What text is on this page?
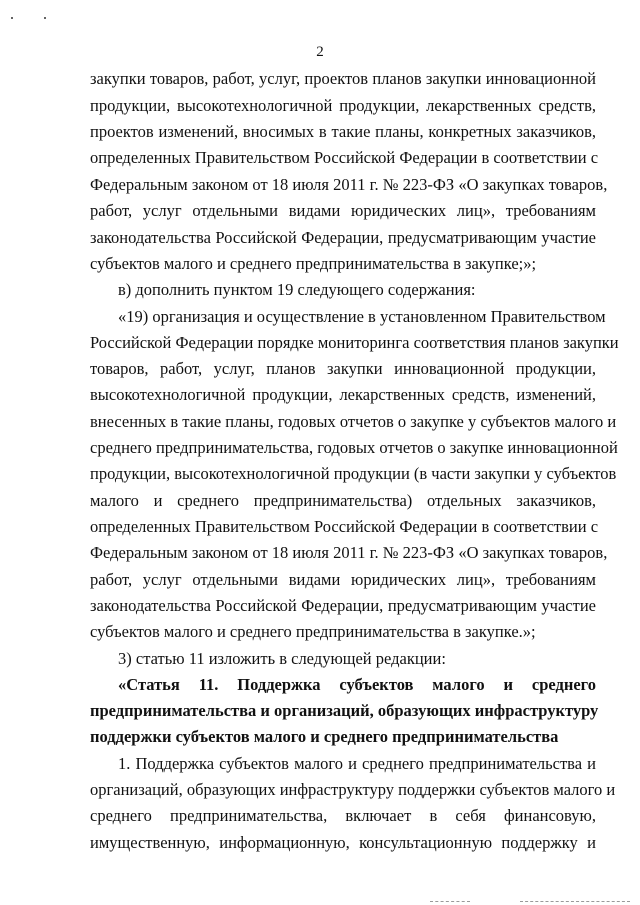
2
закупки товаров, работ, услуг, проектов планов закупки инновационной
продукции, высокотехнологичной продукции, лекарственных средств,
проектов изменений, вносимых в такие планы, конкретных заказчиков,
определенных Правительством Российской Федерации в соответствии с
Федеральным законом от 18 июля 2011 г. № 223-ФЗ «О закупках товаров,
работ, услуг отдельными видами юридических лиц», требованиям
законодательства Российской Федерации, предусматривающим участие
субъектов малого и среднего предпринимательства в закупке;»;
в) дополнить пунктом 19 следующего содержания:
«19) организация и осуществление в установленном Правительством
Российской Федерации порядке мониторинга соответствия планов закупки
товаров, работ, услуг, планов закупки инновационной продукции,
высокотехнологичной продукции, лекарственных средств, изменений,
внесенных в такие планы, годовых отчетов о закупке у субъектов малого и
среднего предпринимательства, годовых отчетов о закупке инновационной
продукции, высокотехнологичной продукции (в части закупки у субъектов
малого и среднего предпринимательства) отдельных заказчиков,
определенных Правительством Российской Федерации в соответствии с
Федеральным законом от 18 июля 2011 г. № 223-ФЗ «О закупках товаров,
работ, услуг отдельными видами юридических лиц», требованиям
законодательства Российской Федерации, предусматривающим участие
субъектов малого и среднего предпринимательства в закупке.»;
3) статью 11 изложить в следующей редакции:
«Статья 11. Поддержка субъектов малого и среднего
предпринимательства и организаций, образующих инфраструктуру
поддержки субъектов малого и среднего предпринимательства
1. Поддержка субъектов малого и среднего предпринимательства и
организаций, образующих инфраструктуру поддержки субъектов малого и
среднего предпринимательства, включает в себя финансовую,
имущественную, информационную, консультационную поддержку и
